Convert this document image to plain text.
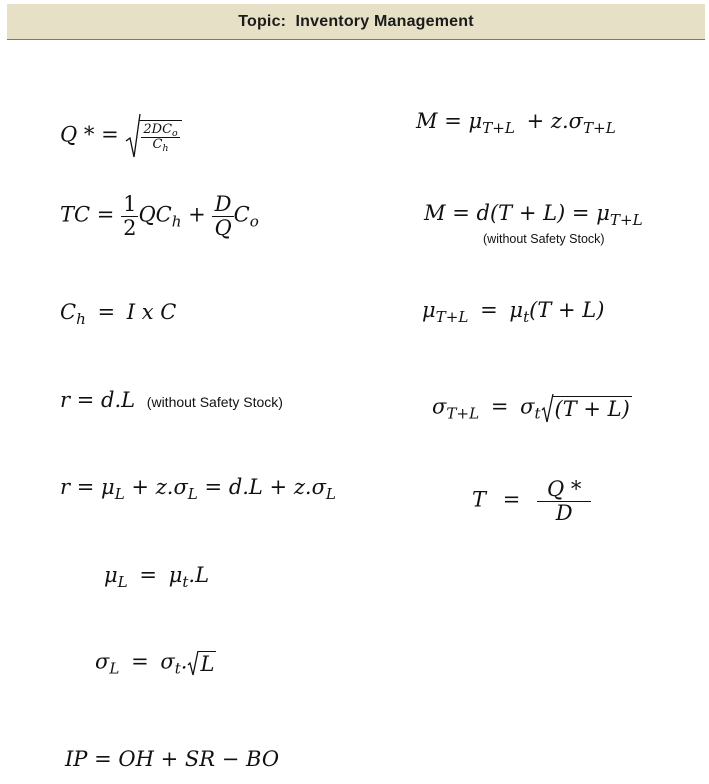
Topic:
Inventory Management
Q * = $\frac{2DC_o}{C_h}$
TC = $\frac{1}{2} QC_h + \frac{D}{Q} C_o$
$C_h = I$ x C
r = d.L (without Safety Stock)
$r = \mu_L + z.\sigma_L = d.L + z.\sigma_L$
$\mu_L = \mu_t.L$
$\sigma_L = \sigma_t$. L
IP = OH + SR − BO
$M = \mu_{T+L} + z.\sigma_{T+L}$
$M = d(T + L) = \mu_{T+L}$
(without Safety Stock)
$\mu_{T+L} = \mu_t(T + L)$
$\sigma_{T+L} = \sigma_t$ (T + L)
$T = \frac{Q *}{D}$
